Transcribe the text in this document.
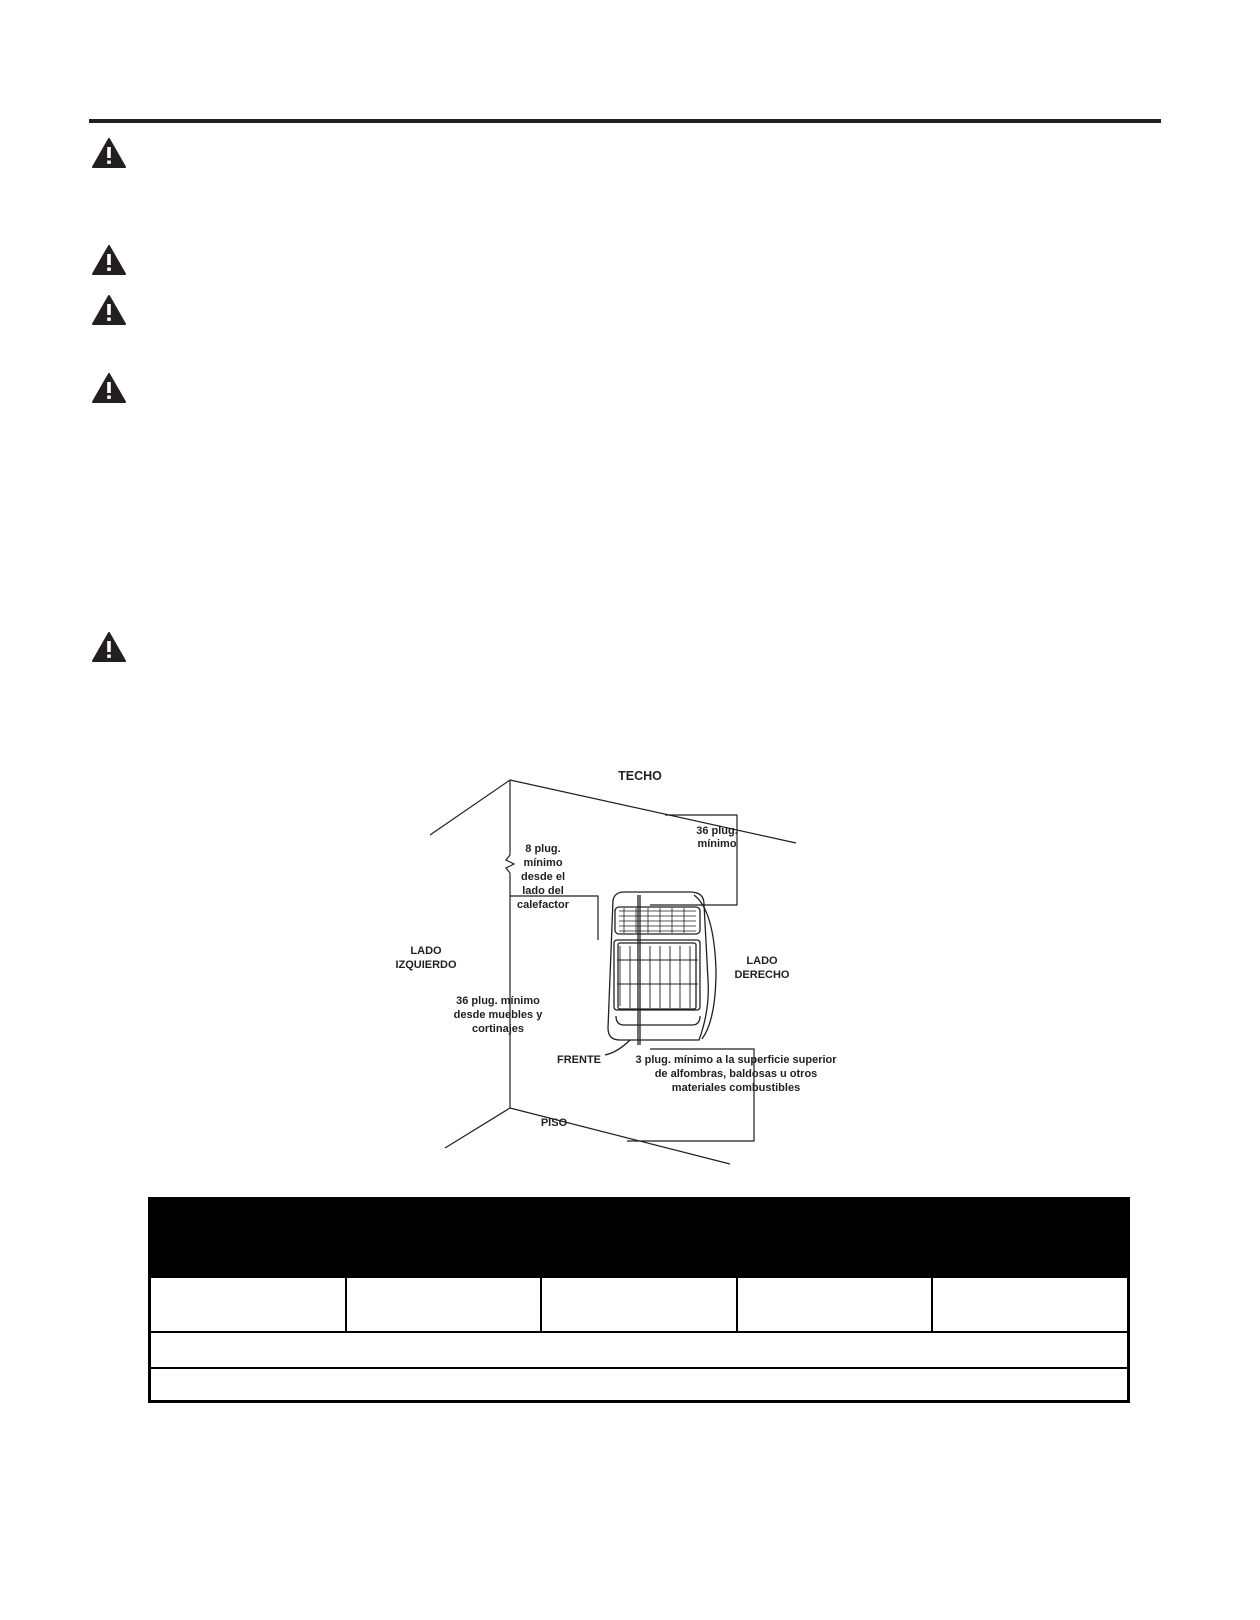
TECHO
36 plug.
mínimo
8 plug.
mínimo
desde el
lado del
calefactor
LADO
IZQUIERDO	LADO
DERECHO
36 plug. mínimo
desde muebles y
cortinajes
FRENTE	3 plug. mínimo a la superficie superior
de alfombras, baldosas u otros
materiales combustibles
PISO
